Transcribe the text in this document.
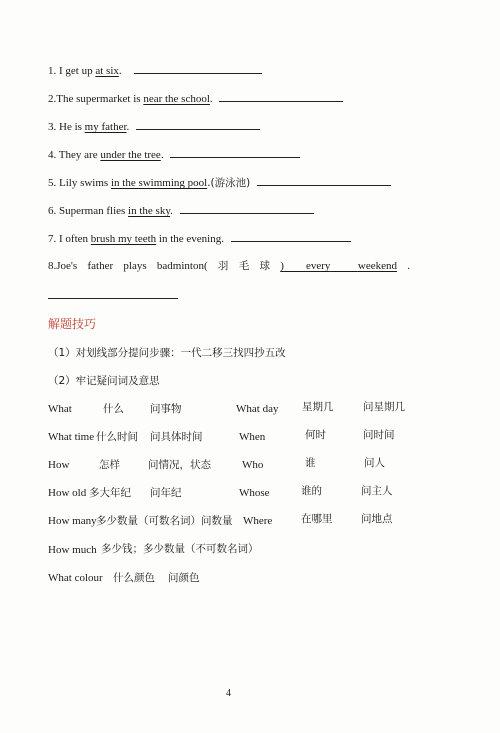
1. I get up at six.
2.The supermarket is near the school.
3. He is my father.
4. They are under the tree.
5. Lily swims in the swimming pool.(游泳池)
6. Superman flies in the sky.
7. I often brush my teeth in the evening.
8.Joe's father plays badminton( 羽 毛 球 ) every	weekend .
解题技巧
（1）对划线部分提问步骤：一代二移三找四抄五改
（2）牢记疑问词及意思
What	什么 问事物	What day 星期几	问星期几
What time 什么时间 问具体时间	When	何时	问时间
How	怎样	问情况，状态	Who	谁	问人
How old 多大年纪 问年纪	Whose	谁的	问主人
How many 多少数量（可数名词）问数量 Where	在哪里	问地点
How much 多少钱；多少数量（不可数名词）
What colour 什么颜色 问颜色
4
